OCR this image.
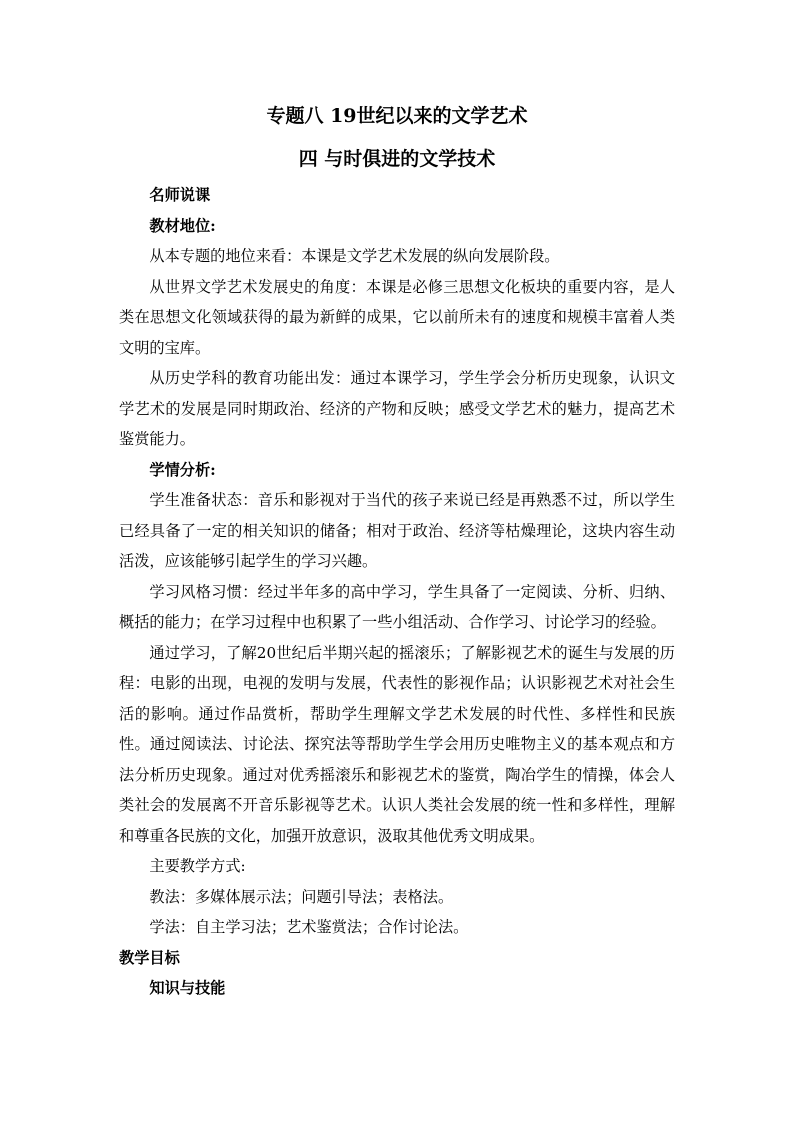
专题八 19世纪以来的文学艺术
四 与时俱进的文学技术

名师说课

教材地位:

从本专题的地位来看：本课是文学艺术发展的纵向发展阶段。

从世界文学艺术发展史的角度：本课是必修三思想文化板块的重要内容，是人类在思想文化领域获得的最为新鲜的成果，它以前所未有的速度和规模丰富着人类文明的宝库。

从历史学科的教育功能出发：通过本课学习，学生学会分析历史现象，认识文学艺术的发展是同时期政治、经济的产物和反映；感受文学艺术的魅力，提高艺术鉴赏能力。

学情分析:

学生准备状态：音乐和影视对于当代的孩子来说已经是再熟悉不过，所以学生已经具备了一定的相关知识的储备；相对于政治、经济等枯燥理论，这块内容生动活泼，应该能够引起学生的学习兴趣。

学习风格习惯：经过半年多的高中学习，学生具备了一定阅读、分析、归纳、概括的能力；在学习过程中也积累了一些小组活动、合作学习、讨论学习的经验。

通过学习，了解20世纪后半期兴起的摇滚乐；了解影视艺术的诞生与发展的历程：电影的出现，电视的发明与发展，代表性的影视作品；认识影视艺术对社会生活的影响。通过作品赏析，帮助学生理解文学艺术发展的时代性、多样性和民族性。通过阅读法、讨论法、探究法等帮助学生学会用历史唯物主义的基本观点和方法分析历史现象。通过对优秀摇滚乐和影视艺术的鉴赏，陶冶学生的情操，体会人类社会的发展离不开音乐影视等艺术。认识人类社会发展的统一性和多样性，理解和尊重各民族的文化，加强开放意识，汲取其他优秀文明成果。

主要教学方式:

教法：多媒体展示法；问题引导法；表格法。

学法：自主学习法；艺术鉴赏法；合作讨论法。

教学目标

知识与技能
